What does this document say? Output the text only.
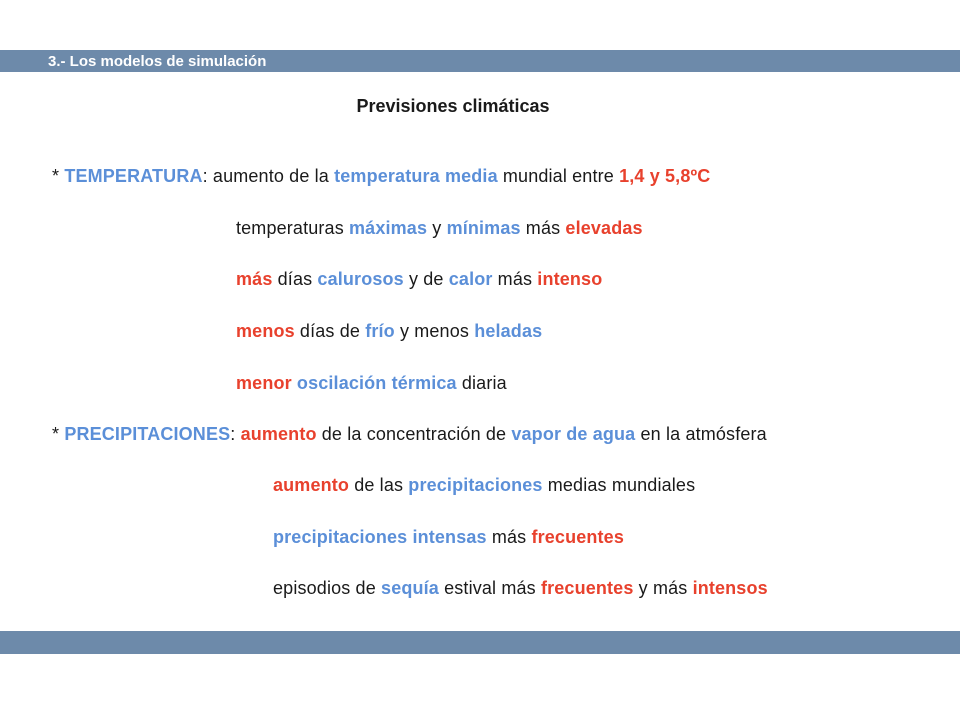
3.- Los modelos de simulación
Previsiones climáticas
* TEMPERATURA: aumento de la temperatura media mundial entre 1,4 y 5,8ºC
temperaturas máximas y mínimas más elevadas
más días calurosos y de calor más intenso
menos días de frío y menos heladas
menor oscilación térmica diaria
* PRECIPITACIONES: aumento de la concentración de vapor de agua en la atmósfera
aumento de las precipitaciones medias mundiales
precipitaciones intensas más frecuentes
episodios de sequía estival más frecuentes y más intensos
